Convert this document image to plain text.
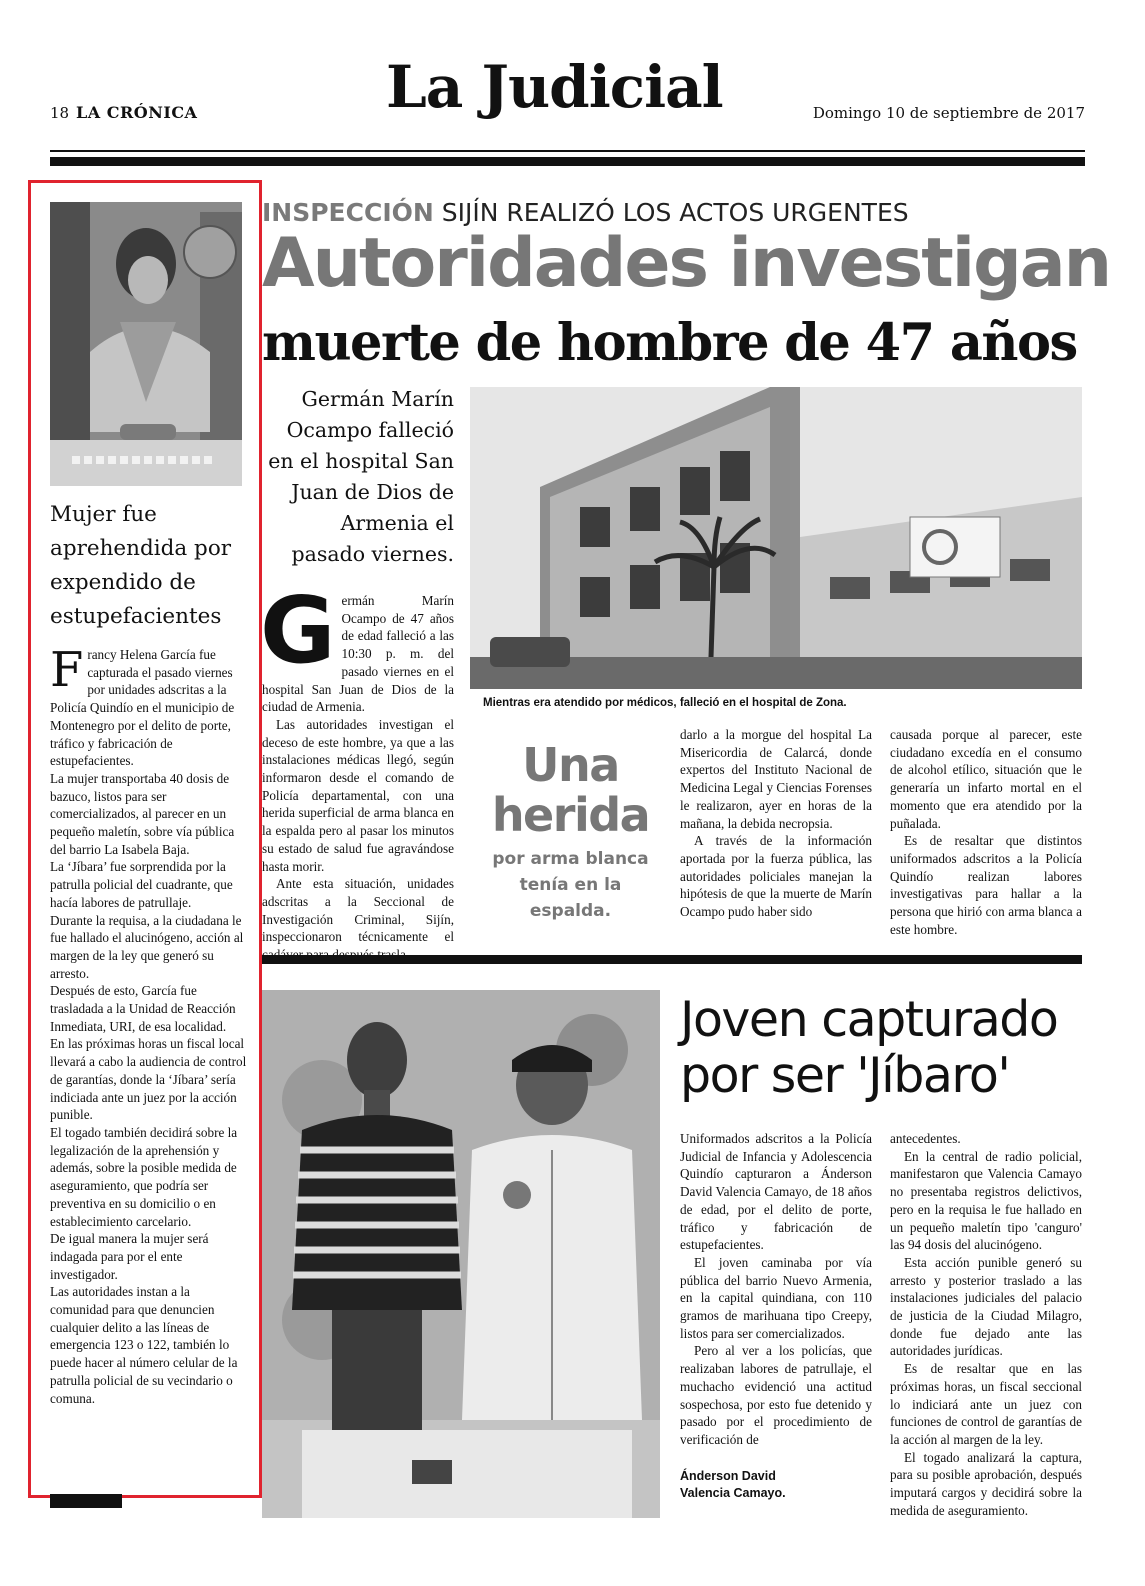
18 LA CRÓNICA	La Judicial	Domingo 10 de septiembre de 2017
Mujer fue aprehendida por expendido de estupefacientes

Francy Helena García fue capturada el pasado viernes por unidades adscritas a la Policía Quindío en el municipio de Montenegro por el delito de porte, tráfico y fabricación de estupefacientes.

La mujer transportaba 40 dosis de bazuco, listos para ser comercializados, al parecer en un pequeño maletín, sobre vía pública del barrio La Isabela Baja.

La ‘Jíbara’ fue sorprendida por la patrulla policial del cuadrante, que hacía labores de patrullaje.

Durante la requisa, a la ciudadana le fue hallado el alucinógeno, acción al margen de la ley que generó su arresto.

Después de esto, García fue trasladada a la Unidad de Reacción Inmediata, URI, de esa localidad.

En las próximas horas un fiscal local llevará a cabo la audiencia de control de garantías, donde la ‘Jíbara’ sería indiciada ante un juez por la acción punible.

El togado también decidirá sobre la legalización de la aprehensión y además, sobre la posible medida de aseguramiento, que podría ser preventiva en su domicilio o en establecimiento carcelario.

De igual manera la mujer será indagada para por el ente investigador.

Las autoridades instan a la comunidad para que denuncien cualquier delito a las líneas de emergencia 123 o 122, también lo puede hacer al número celular de la patrulla policial de su vecindario o comuna.

INSPECCIÓN SIJÍN REALIZÓ LOS ACTOS URGENTES
Autoridades investigan
muerte de hombre de 47 años
Germán Marín Ocampo falleció en el hospital San Juan de Dios de Armenia el pasado viernes.
Mientras era atendido por médicos, falleció en el hospital de Zona.

Germán Marín Ocampo de 47 años de edad falleció a las 10:30 p. m. del pasado viernes en el hospital San Juan de Dios de la ciudad de Armenia.

Las autoridades investigan el deceso de este hombre, ya que a las instalaciones médicas llegó, según informaron desde el comando de Policía departamental, con una herida superficial de arma blanca en la espalda pero al pasar los minutos su estado de salud fue agravándose hasta morir.

Ante esta situación, unidades adscritas a la Seccional de Investigación Criminal, Sijín, inspeccionaron técnicamente el

Una herida
por arma blanca tenía en la espalda.

darlo a la morgue del hospital La Misericordia de Calarcá, donde expertos del Instituto Nacional de Medicina Legal y Ciencias Forenses le realizaron, ayer en horas de la mañana, la debida necropsia.

A través de la información aportada por la fuerza pública, las autoridades policiales manejan la hipótesis de que la muerte de Marín Ocampo pudo haber sido

causada porque al parecer, este ciudadano excedía en el consumo de alcohol etílico, situación que le generaría un infarto mortal en el momento que era atendido por la puñalada.

Es de resaltar que distintos uniformados adscritos a la Policía Quindío realizan labores investigativas para hallar a la persona que hirió con arma blanca a este hombre.

Joven capturado por ser 'Jíbaro'

Uniformados adscritos a la Policía Judicial de Infancia y Adolescencia Quindío capturaron a Ánderson David Valencia Camayo, de 18 años de edad, por el delito de porte, tráfico y fabricación de estupefacientes.

El joven caminaba por vía pública del barrio Nuevo Armenia, en la capital quindiana, con 110 gramos de marihuana tipo Creepy, listos para ser comercializados.

Pero al ver a los policías, que realizaban labores de patrullaje, el muchacho evidenció una actitud sospechosa, por esto fue detenido y pasado por el procedimiento de verificación de

Ánderson David Valencia Camayo.

antecedentes.

En la central de radio policial, manifestaron que Valencia Camayo no presentaba registros delictivos, pero en la requisa le fue hallado en un pequeño maletín tipo 'canguro' las 94 dosis del alucinógeno.

Esta acción punible generó su arresto y posterior traslado a las instalaciones judiciales del palacio de justicia de la Ciudad Milagro, donde fue dejado ante las autoridades jurídicas.

Es de resaltar que en las próximas horas, un fiscal seccional lo indiciará ante un juez con funciones de control de garantías de la acción al margen de la ley.

El togado analizará la captura, para su posible aprobación, después imputará cargos y decidirá sobre la medida de aseguramiento.
